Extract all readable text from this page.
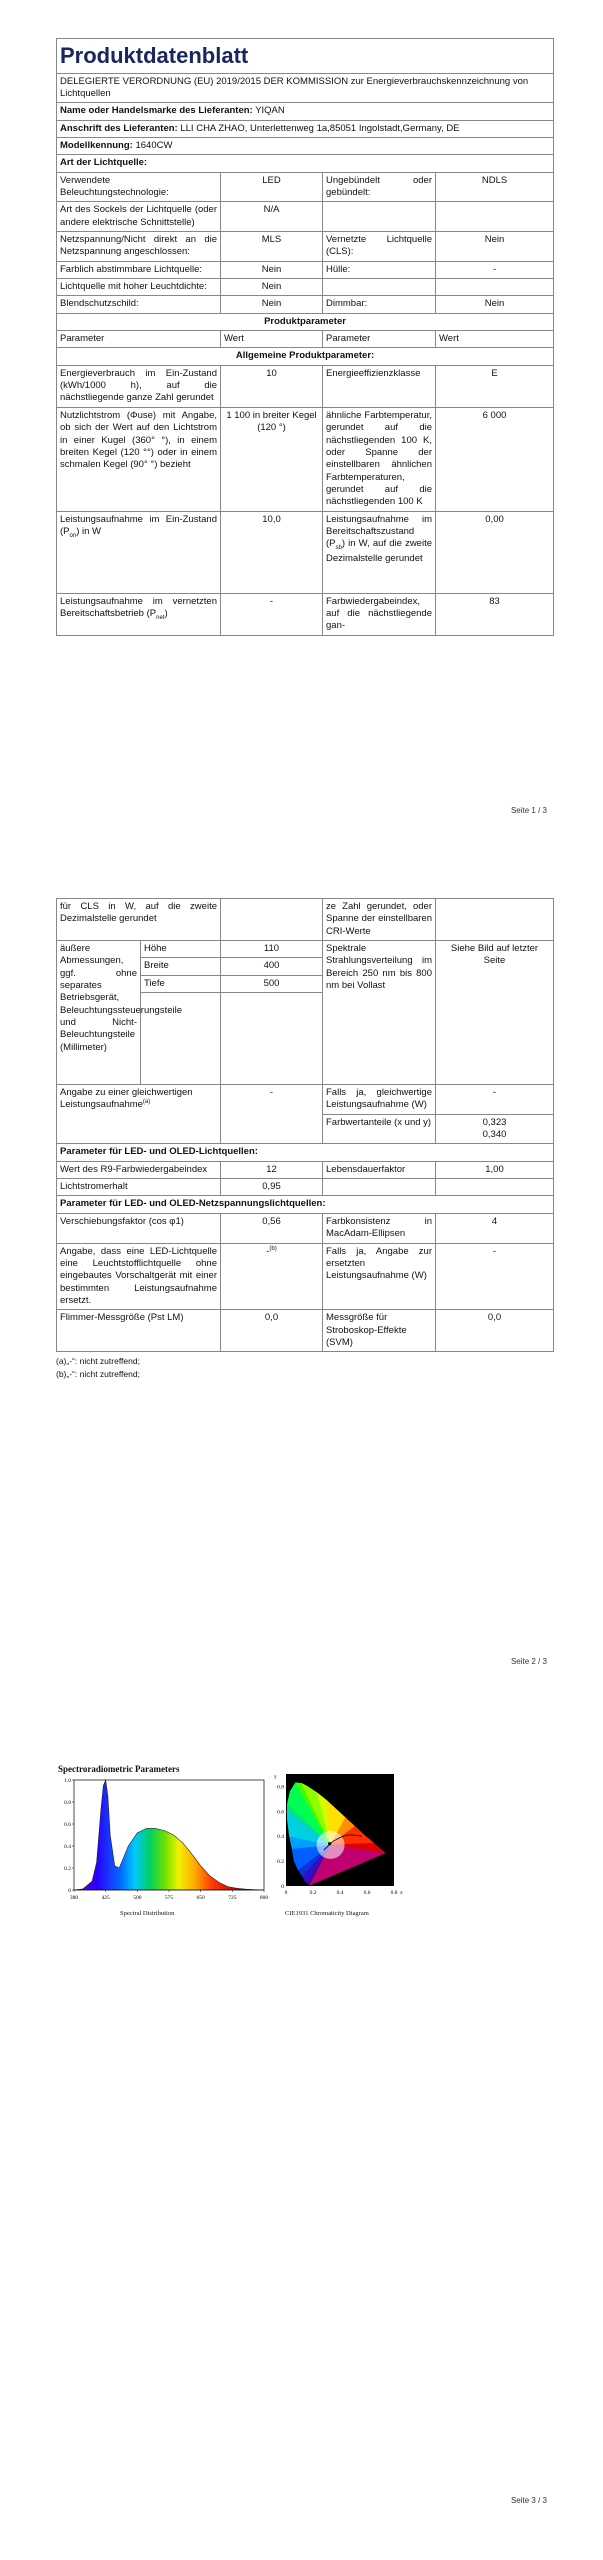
Produktdatenblatt			
DELEGIERTE VERORDNUNG (EU) 2019/2015 DER KOMMISSION zur Energieverbrauchskennzeichnung von Lichtquellen			
Name oder Handelsmarke des Lieferanten: YIQAN			
Anschrift des Lieferanten: LLI CHA ZHAO, Unterlettenweg 1a,85051 Ingolstadt,Germany, DE			
Modellkennung: 1640CW			
Art der Lichtquelle:			
Verwendete Beleuchtungstechnologie:	LED	Ungebündelt oder gebündelt:	NDLS
Art des Sockels der Lichtquelle (oder andere elektrische Schnittstelle)	N/A		
Netzspannung/Nicht direkt an die Netzspannung angeschlossen:	MLS	Vernetzte Lichtquelle (CLS):	Nein
Farblich abstimmbare Lichtquelle:	Nein	Hülle:	-
Lichtquelle mit hoher Leuchtdichte:	Nein		
Blendschutzschild:	Nein	Dimmbar:	Nein
Produktparameter			
Parameter	Wert	Parameter	Wert
Allgemeine Produktparameter:			
Energieverbrauch im Ein-Zustand (kWh/1000 h), auf die nächstliegende ganze Zahl gerundet	10	Energieeffizienzklasse	E
Nutzlichtstrom (Φuse) mit Angabe, ob sich der Wert auf den Lichtstrom in einer Kugel (360° °), in einem breiten Kegel (120 °°) oder in einem schmalen Kegel (90° °) bezieht	1 100 in breiter Kegel (120 °)	ähnliche Farbtemperatur, gerundet auf die nächstliegenden 100 K, oder Spanne der einstellbaren ähnlichen Farbtemperaturen, gerundet auf die nächstliegenden 100 K	6 000
Leistungsaufnahme im Ein-Zustand $(P_{on})$ in W	10,0	Leistungsaufnahme im Bereitschaftszustand $(P_{sb})$ in W, auf die zweite Dezimalstelle gerundet	0,00
Leistungsaufnahme im vernetzten Bereitschaftsbetrieb $(P_{net})$	-	Farbwiedergabeindex, auf die nächstliegende gan-	83
Seite 1 / 3
für CLS in W, auf die zweite Dezimalstelle gerundet			ze Zahl gerundet, oder Spanne der einstellbaren CRI-Werte	
äußere Abmessungen, ggf. ohne separates Betriebsgerät, Beleuchtungssteuerungsteile und Nicht-Beleuchtungsteile (Millimeter)	Höhe	110	Spektrale Strahlungsverteilung im Bereich 250 nm bis 800 nm bei Vollast	Siehe Bild auf letzter Seite
	Breite	400		
	Tiefe	500		

Angabe zu einer gleichwertigen Leistungsaufnahme$^{(a)}$		-	Falls ja, gleichwertige Leistungsaufnahme (W)	-
			Farbwertanteile (x und y)	0,323
0,340

Parameter für LED- und OLED-Lichtquellen:				
Wert des R9-Farbwiedergabeindex		12	Lebensdauerfaktor	1,00
Lichtstromerhalt		0,95		
Parameter für LED- und OLED-Netzspannungslichtquellen:				
Verschiebungsfaktor (cos φ1)		0,56	Farbkonsistenz in MacAdam-Ellipsen	4
Angabe, dass eine LED-Lichtquelle eine Leuchtstofflichtquelle ohne eingebautes Vorschaltgerät mit einer bestimmten Leistungsaufnahme ersetzt.		-$^{(b)}$	Falls ja, Angabe zur ersetzten Leistungsaufnahme (W)	-
Flimmer-Messgröße (Pst LM)		0,0	Messgröße für Stroboskop-Effekte (SVM)	0,0
(a)„-“: nicht zutreffend;
(b)„-“: nicht zutreffend;
Seite 2 / 3
Spectroradiometric Parameters
380	425	500	575	650	725	800
0
0.2
0.4
0.6
0.8
1.0
0	0.2	0.4	0.6	0.8
0
0.2
0.4
0.6
0.8
x
y
Spectral Distribution	CIE1931 Chromaticity Diagram
Seite 3 / 3
